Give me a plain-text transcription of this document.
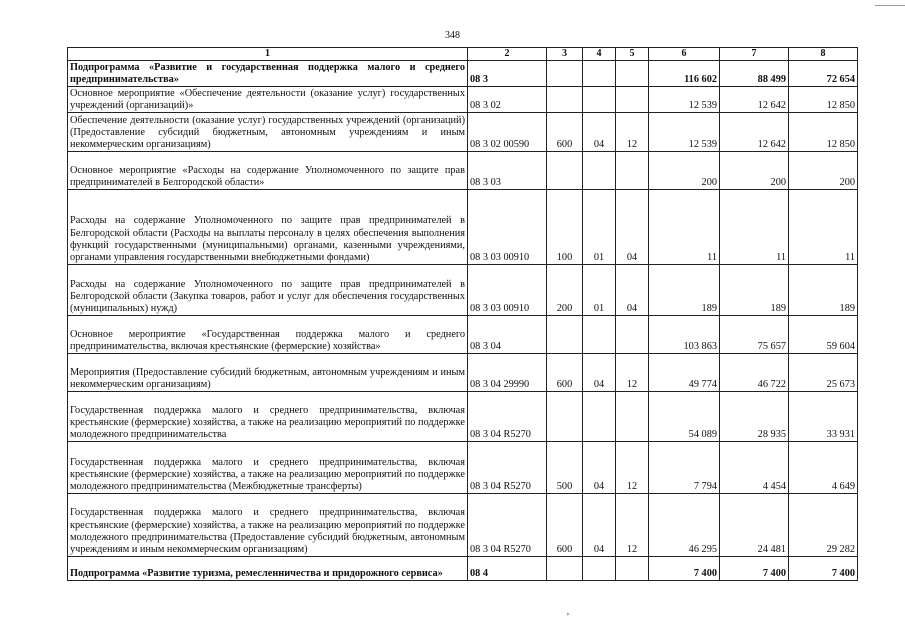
348
1	2	3	4	5	6	7	8
Подпрограмма «Развитие и государственная поддержка малого и среднего предпринимательства»	08 3				116 602	88 499	72 654
Основное мероприятие «Обеспечение деятельности (оказание услуг) государственных учреждений (организаций)»	08 3 02				12 539	12 642	12 850
Обеспечение деятельности (оказание услуг) государственных учреждений (организаций) (Предоставление субсидий бюджетным, автономным учреждениям и иным некоммерческим организациям)	08 3 02 00590	600	04	12	12 539	12 642	12 850
Основное мероприятие «Расходы на содержание Уполномоченного по защите прав предпринимателей в Белгородской области»	08 3 03				200	200	200
Расходы на содержание Уполномоченного по защите прав предпринимателей в Белгородской области (Расходы на выплаты персоналу в целях обеспечения выполнения функций государственными (муниципальными) органами, казенными учреждениями, органами управления государственными внебюджетными фондами)	08 3 03 00910	100	01	04	11	11	11
Расходы на содержание Уполномоченного по защите прав предпринимателей в Белгородской области (Закупка товаров, работ и услуг для обеспечения государственных (муниципальных) нужд)	08 3 03 00910	200	01	04	189	189	189
Основное мероприятие «Государственная поддержка малого и среднего предпринимательства, включая крестьянские (фермерские) хозяйства»	08 3 04				103 863	75 657	59 604
Мероприятия (Предоставление субсидий бюджетным, автономным учреждениям и иным некоммерческим организациям)	08 3 04 29990	600	04	12	49 774	46 722	25 673
Государственная поддержка малого и среднего предпринимательства, включая крестьянские (фермерские) хозяйства, а также на реализацию мероприятий по поддержке молодежного предпринимательства	08 3 04 R5270				54 089	28 935	33 931
Государственная поддержка малого и среднего предпринимательства, включая крестьянские (фермерские) хозяйства, а также на реализацию мероприятий по поддержке молодежного предпринимательства (Межбюджетные трансферты)	08 3 04 R5270	500	04	12	7 794	4 454	4 649
Государственная поддержка малого и среднего предпринимательства, включая крестьянские (фермерские) хозяйства, а также на реализацию мероприятий по поддержке молодежного предпринимательства (Предоставление субсидий бюджетным, автономным учреждениям и иным некоммерческим организациям)	08 3 04 R5270	600	04	12	46 295	24 481	29 282
Подпрограмма «Развитие туризма, ремесленничества и придорожного сервиса»	08 4				7 400	7 400	7 400
ʼ
